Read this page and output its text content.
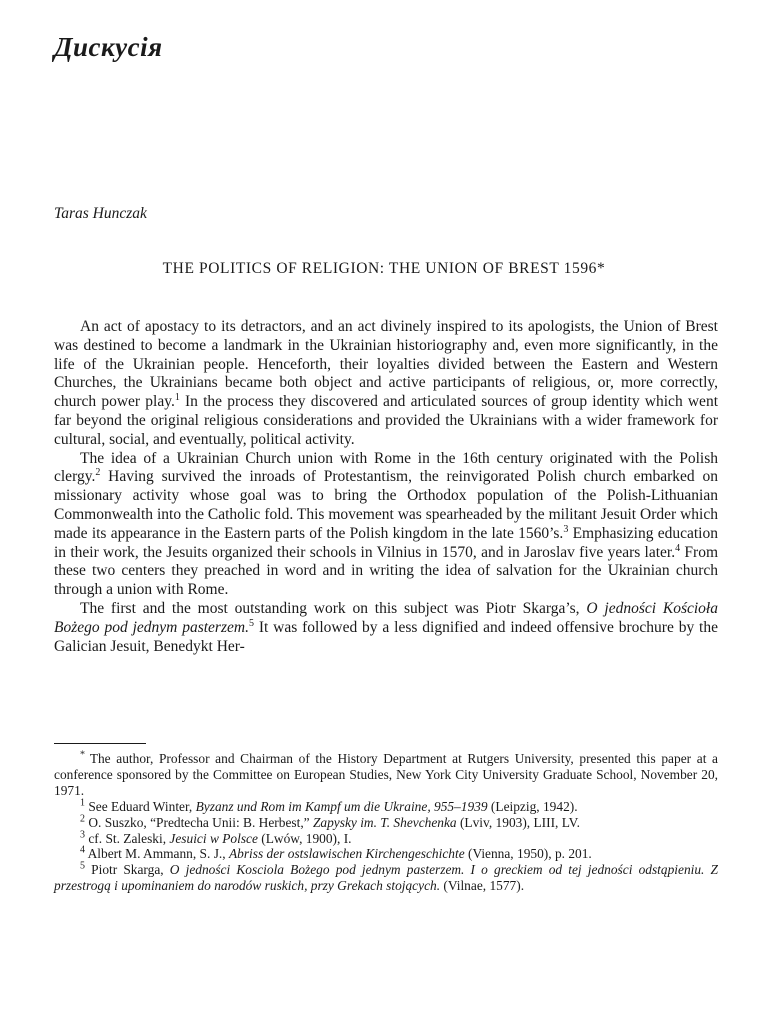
Дискусія
Taras Hunczak
THE POLITICS OF RELIGION: THE UNION OF BREST 1596*

An act of apostacy to its detractors, and an act divinely inspired to its apologists, the Union of Brest was destined to become a landmark in the Ukrainian historiography and, even more significantly, in the life of the Ukrainian people. Henceforth, their loyalties divided between the Eastern and Western Churches, the Ukrainians became both object and active participants of religious, or, more correctly, church power play.$^1$ In the process they discovered and articulated sources of group identity which went far beyond the original religious considerations and provided the Ukrainians with a wider framework for cultural, social, and eventually, political activity.

The idea of a Ukrainian Church union with Rome in the 16th century originated with the Polish clergy.$^2$ Having survived the inroads of Protestantism, the reinvigorated Polish church embarked on missionary activity whose goal was to bring the Orthodox population of the Polish-Lithuanian Commonwealth into the Catholic fold. This movement was spearheaded by the militant Jesuit Order which made its appearance in the Eastern parts of the Polish kingdom in the late 1560’s.$^3$ Emphasizing education in their work, the Jesuits organized their schools in Vilnius in 1570, and in Jaroslav five years later.$^4$ From these two centers they preached in word and in writing the idea of salvation for the Ukrainian church through a union with Rome.

The first and the most outstanding work on this subject was Piotr Skarga’s, O jedności Kościoła Bożego pod jednym pasterzem.$^5$ It was followed by a less dignified and indeed offensive brochure by the Galician Jesuit, Benedykt Her-

* The author, Professor and Chairman of the History Department at Rutgers University, presented this paper at a conference sponsored by the Committee on European Studies, New York City University Graduate School, November 20, 1971.

$^1$ See Eduard Winter, Byzanz und Rom im Kampf um die Ukraine, 955–1939 (Leipzig, 1942).

$^2$ O. Suszko, “Predtecha Unii: B. Herbest,” Zapysky im. T. Shevchenka (Lviv, 1903), LIII, LV.

$^3$ cf. St. Zaleski, Jesuici w Polsce (Lwów, 1900), I.

$^4$ Albert M. Ammann, S. J., Abriss der ostslawischen Kirchengeschichte (Vienna, 1950), p. 201.

$^5$ Piotr Skarga, O jedności Kosciola Bożego pod jednym pasterzem. I o greckiem od tej jedności odstąpieniu. Z przestrogą i upominaniem do narodów ruskich, przy Grekach stojących. (Vilnae, 1577).
